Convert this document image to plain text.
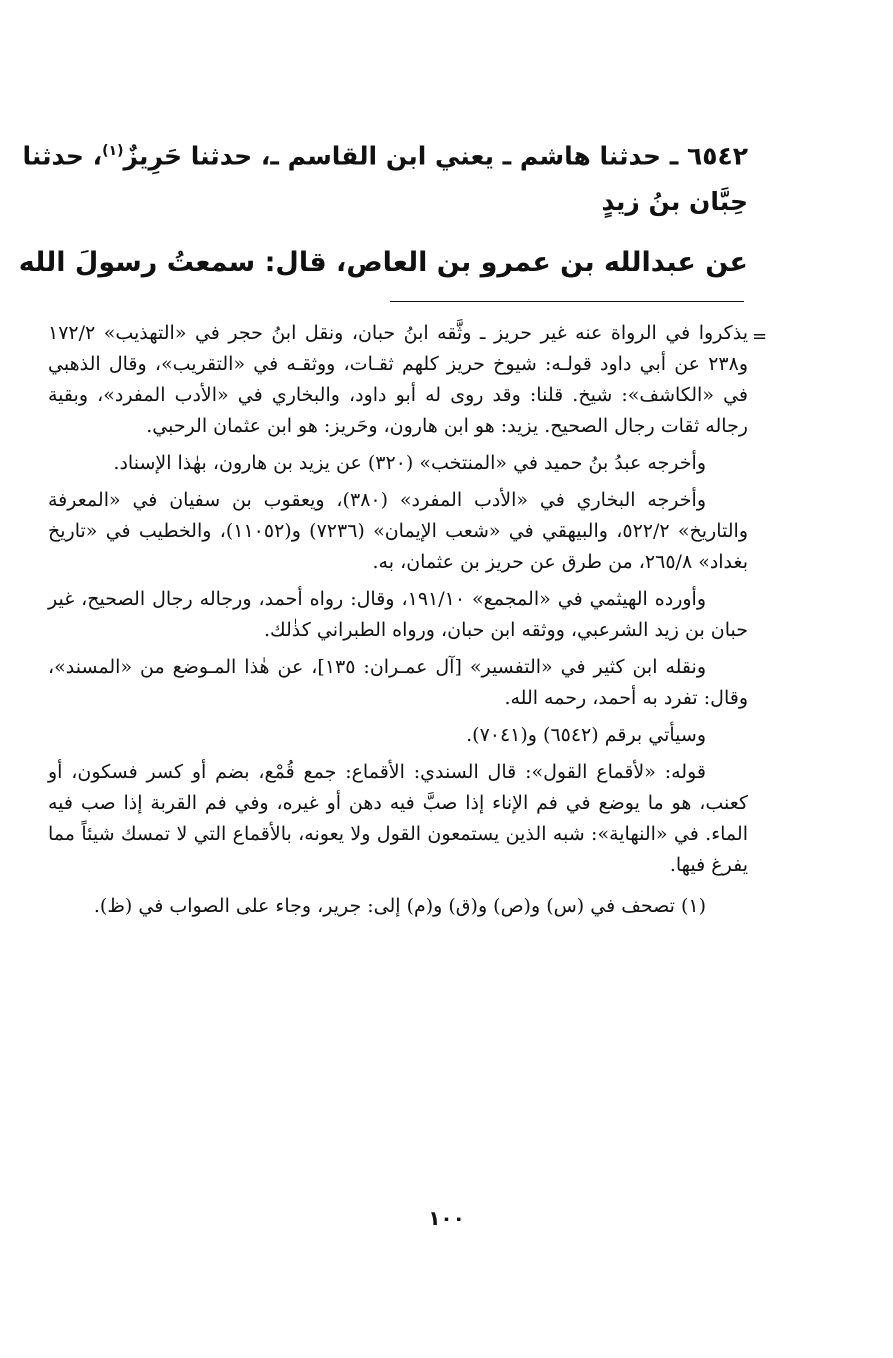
٦٥٤٢ ـ حدثنا هاشم ـ يعني ابن القاسم ـ، حدثنا حَرِيزٌ$^{(١)}$، حدثنا
حِبَّان بنُ زيدٍ
عن عبدالله بن عمرو بن العاص، قال: سمعتُ رسولَ الله
=

يذكروا في الرواة عنه غير حريز ـ وثَّقه ابنُ حبان، ونقل ابنُ حجر في «التهذيب» ١٧٢/٢ و٢٣٨ عن أبي داود قولـه: شيوخ حريز كلهم ثقـات، ووثقـه في «التقريب»، وقال الذهبي في «الكاشف»: شيخ. قلنا: وقد روى له أبو داود، والبخاري في «الأدب المفرد»، وبقية رجاله ثقات رجال الصحيح. يزيد: هو ابن هارون، وحَريز: هو ابن عثمان الرحبي.

وأخرجه عبدُ بنُ حميد في «المنتخب» (٣٢٠) عن يزيد بن هارون، بهٰذا الإسناد.

وأخرجه البخاري في «الأدب المفرد» (٣٨٠)، ويعقوب بن سفيان في «المعرفة والتاريخ» ٥٢٢/٢، والبيهقي في «شعب الإيمان» (٧٢٣٦) و(١١٠٥٢)، والخطيب في «تاريخ بغداد» ٢٦٥/٨، من طرق عن حريز بن عثمان، به.

وأورده الهيثمي في «المجمع» ١٩١/١٠، وقال: رواه أحمد، ورجاله رجال الصحيح، غير حبان بن زيد الشرعبي، ووثقه ابن حبان، ورواه الطبراني كذٰلك.

ونقله ابن كثير في «التفسير» [آل عمـران: ١٣٥]، عن هٰذا المـوضع من «المسند»، وقال: تفرد به أحمد، رحمه الله.

وسيأتي برقم (٦٥٤٢) و(٧٠٤١).

قوله: «لأقماع القول»: قال السندي: الأقماع: جمع قُمْع، بضم أو كسر فسكون، أو كعنب، هو ما يوضع في فم الإناء إذا صبَّ فيه دهن أو غيره، وفي فم القربة إذا صب فيه الماء. في «النهاية»: شبه الذين يستمعون القول ولا يعونه، بالأقماع التي لا تمسك شيئاً مما يفرغ فيها.

(١) تصحف في (س) و(ص) و(ق) و(م) إلى: جرير، وجاء على الصواب في (ظ).

١٠٠
